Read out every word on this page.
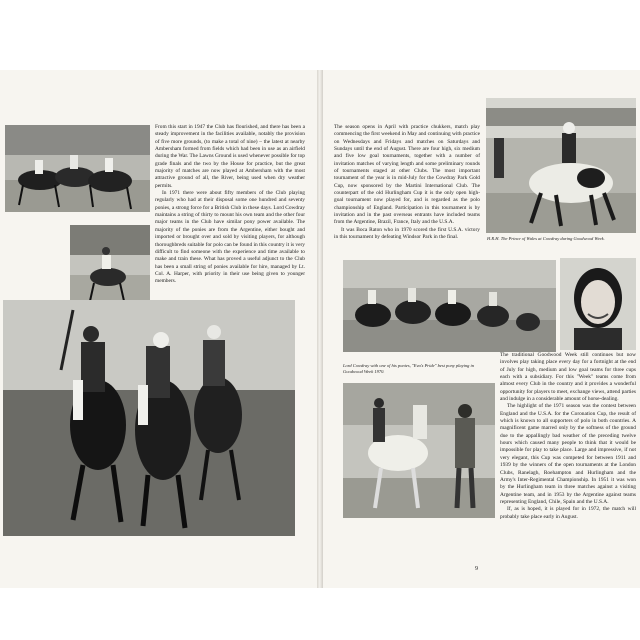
From this start in 1947 the Club has flourished, and there has been a steady improvement in the facilities available, notably the provision of five more grounds, (to make a total of nine) – the latest at nearby Ambersham formed from fields which had been in use as an airfield during the War. The Lawns Ground is used whenever possible for top grade finals and the two by the House for practice, but the great majority of matches are now played at Ambersham with the most attractive ground of all, the River, being used when dry weather permits.

In 1971 there were about fifty members of the Club playing regularly who had at their disposal some one hundred and seventy ponies, a strong force for a British Club in these days. Lord Cowdray maintains a string of thirty to mount his own team and the other four major teams in the Club have similar pony power available. The majority of the ponies are from the Argentine, either bought and imported or brought over and sold by visiting players, for although thoroughbreds suitable for polo can be found in this country it is very difficult to find someone with the experience and time available to make and train these. What has proved a useful adjunct to the Club has been a small string of ponies available for hire, managed by Lt. Col. A. Harper, with priority in their use being given to younger members.

The season opens in April with practice chukkers, match play commencing the first weekend in May and continuing with practice on Wednesdays and Fridays and matches on Saturdays and Sundays until the end of August. There are four high, six medium and five low goal tournaments, together with a number of invitation matches of varying length and some preliminary rounds of tournaments staged at other Clubs. The most important tournament of the year is in mid-July for the Cowdray Park Gold Cup, now sponsored by the Martini International Club. The counterpart of the old Hurlingham Cup it is the only open high-goal tournament now played for, and is regarded as the polo championship of England. Participation in this tournament is by invitation and in the past overseas entrants have included teams from the Argentine, Brazil, France, Italy and the U.S.A.

It was Boca Raton who in 1970 scored the first U.S.A. victory in this tournament by defeating Windsor Park in the final.	H.R.H. The Prince of Wales at Cowdray during Goodwood Week.
Lord Cowdray with one of his ponies, "Eva's Pride" best pony playing in Goodwood Week 1970.

The traditional Goodwood Week still continues but now involves play taking place every day for a fortnight at the end of July for high, medium and low goal teams for three cups each with a subsidiary. For this "Week" teams come from almost every Club in the country and it provides a wonderful opportunity for players to meet, exchange views, attend parties and indulge in a considerable amount of horse-dealing.

The highlight of the 1971 season was the contest between England and the U.S.A. for the Coronation Cup, the result of which is known to all supporters of polo in both countries. A magnificent game marred only by the softness of the ground due to the appallingly bad weather of the preceding twelve hours which caused many people to think that it would be impossible for play to take place. Large and impressive, if not very elegant, this Cup was competed for between 1911 and 1939 by the winners of the open tournaments at the London Clubs, Ranelagh, Roehampton and Hurlingham and the Army's Inter-Regimental Championship. In 1951 it was won by the Hurlingham team in three matches against a visiting Argentine team, and in 1953 by the Argentine against teams representing England, Chile, Spain and the U.S.A.

If, as is hoped, it is played for in 1972, the match will probably take place early in August.

9
